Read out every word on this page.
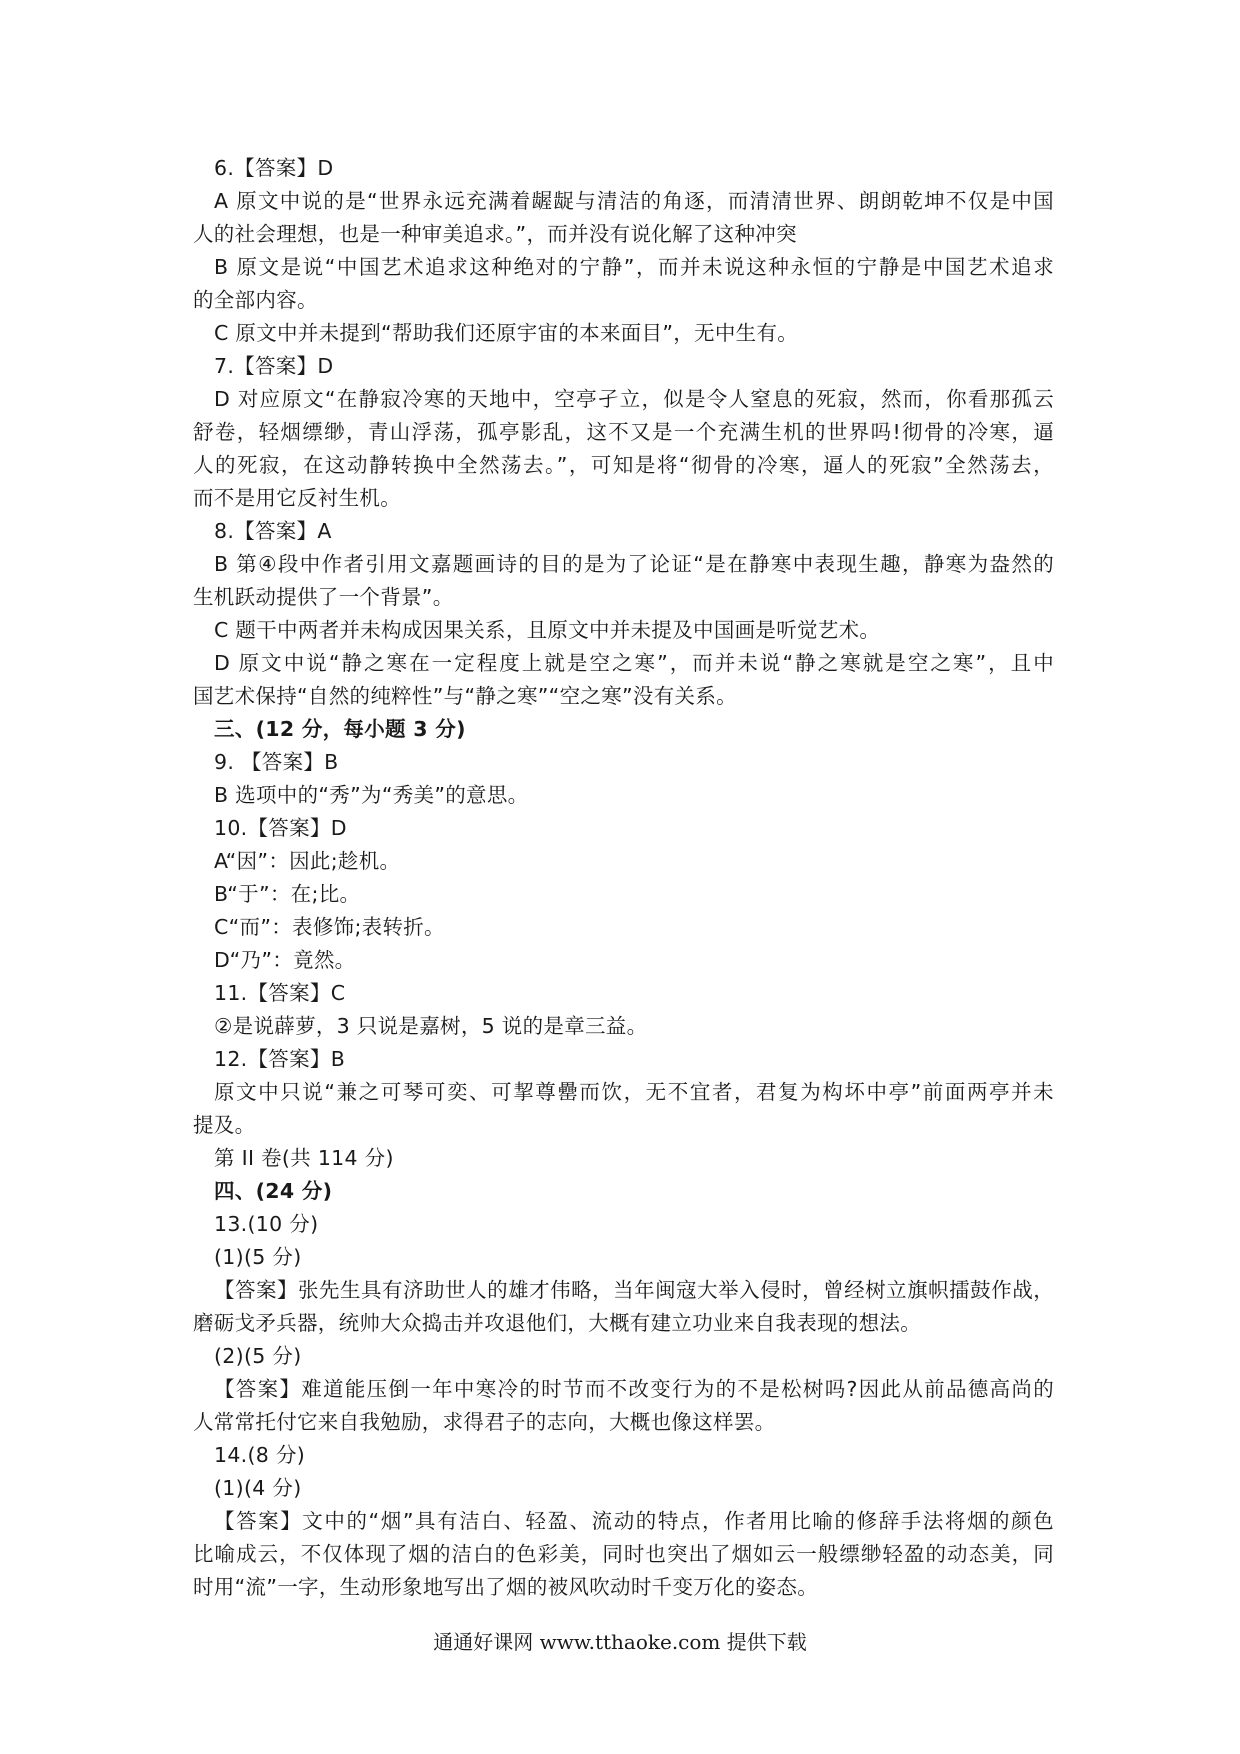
6.【答案】D
A 原文中说的是“世界永远充满着龌龊与清洁的角逐，而清清世界、朗朗乾坤不仅是中国
人的社会理想，也是一种审美追求。”，而并没有说化解了这种冲突
B 原文是说“中国艺术追求这种绝对的宁静”，而并未说这种永恒的宁静是中国艺术追求
的全部内容。
C 原文中并未提到“帮助我们还原宇宙的本来面目”，无中生有。
7.【答案】D
D 对应原文“在静寂冷寒的天地中，空亭孑立，似是令人窒息的死寂，然而，你看那孤云
舒卷，轻烟缥缈，青山浮荡，孤亭影乱，这不又是一个充满生机的世界吗!彻骨的冷寒，逼
人的死寂，在这动静转换中全然荡去。”，可知是将“彻骨的冷寒，逼人的死寂”全然荡去，
而不是用它反衬生机。
8.【答案】A
B 第④段中作者引用文嘉题画诗的目的是为了论证“是在静寒中表现生趣，静寒为盎然的
生机跃动提供了一个背景”。
C 题干中两者并未构成因果关系，且原文中并未提及中国画是听觉艺术。
D 原文中说“静之寒在一定程度上就是空之寒”，而并未说“静之寒就是空之寒”，且中
国艺术保持“自然的纯粹性”与“静之寒”“空之寒”没有关系。
三、(12 分，每小题 3 分)
9. 【答案】B
B 选项中的“秀”为“秀美”的意思。
10.【答案】D
A“因”：因此;趁机。
B“于”：在;比。
C“而”：表修饰;表转折。
D“乃”：竟然。
11.【答案】C
②是说薜萝，3 只说是嘉树，5 说的是章三益。
12.【答案】B
原文中只说“兼之可琴可奕、可挈尊罍而饮，无不宜者，君复为构坏中亭”前面两亭并未
提及。
第 II 卷(共 114 分)
四、(24 分)
13.(10 分)
(1)(5 分)
【答案】张先生具有济助世人的雄才伟略，当年闽寇大举入侵时，曾经树立旗帜擂鼓作战，
磨砺戈矛兵器，统帅大众捣击并攻退他们，大概有建立功业来自我表现的想法。
(2)(5 分)
【答案】难道能压倒一年中寒冷的时节而不改变行为的不是松树吗?因此从前品德高尚的
人常常托付它来自我勉励，求得君子的志向，大概也像这样罢。
14.(8 分)
(1)(4 分)
【答案】文中的“烟”具有洁白、轻盈、流动的特点，作者用比喻的修辞手法将烟的颜色
比喻成云，不仅体现了烟的洁白的色彩美，同时也突出了烟如云一般缥缈轻盈的动态美，同
时用“流”一字，生动形象地写出了烟的被风吹动时千变万化的姿态。
通通好课网 www.tthaoke.com 提供下载
